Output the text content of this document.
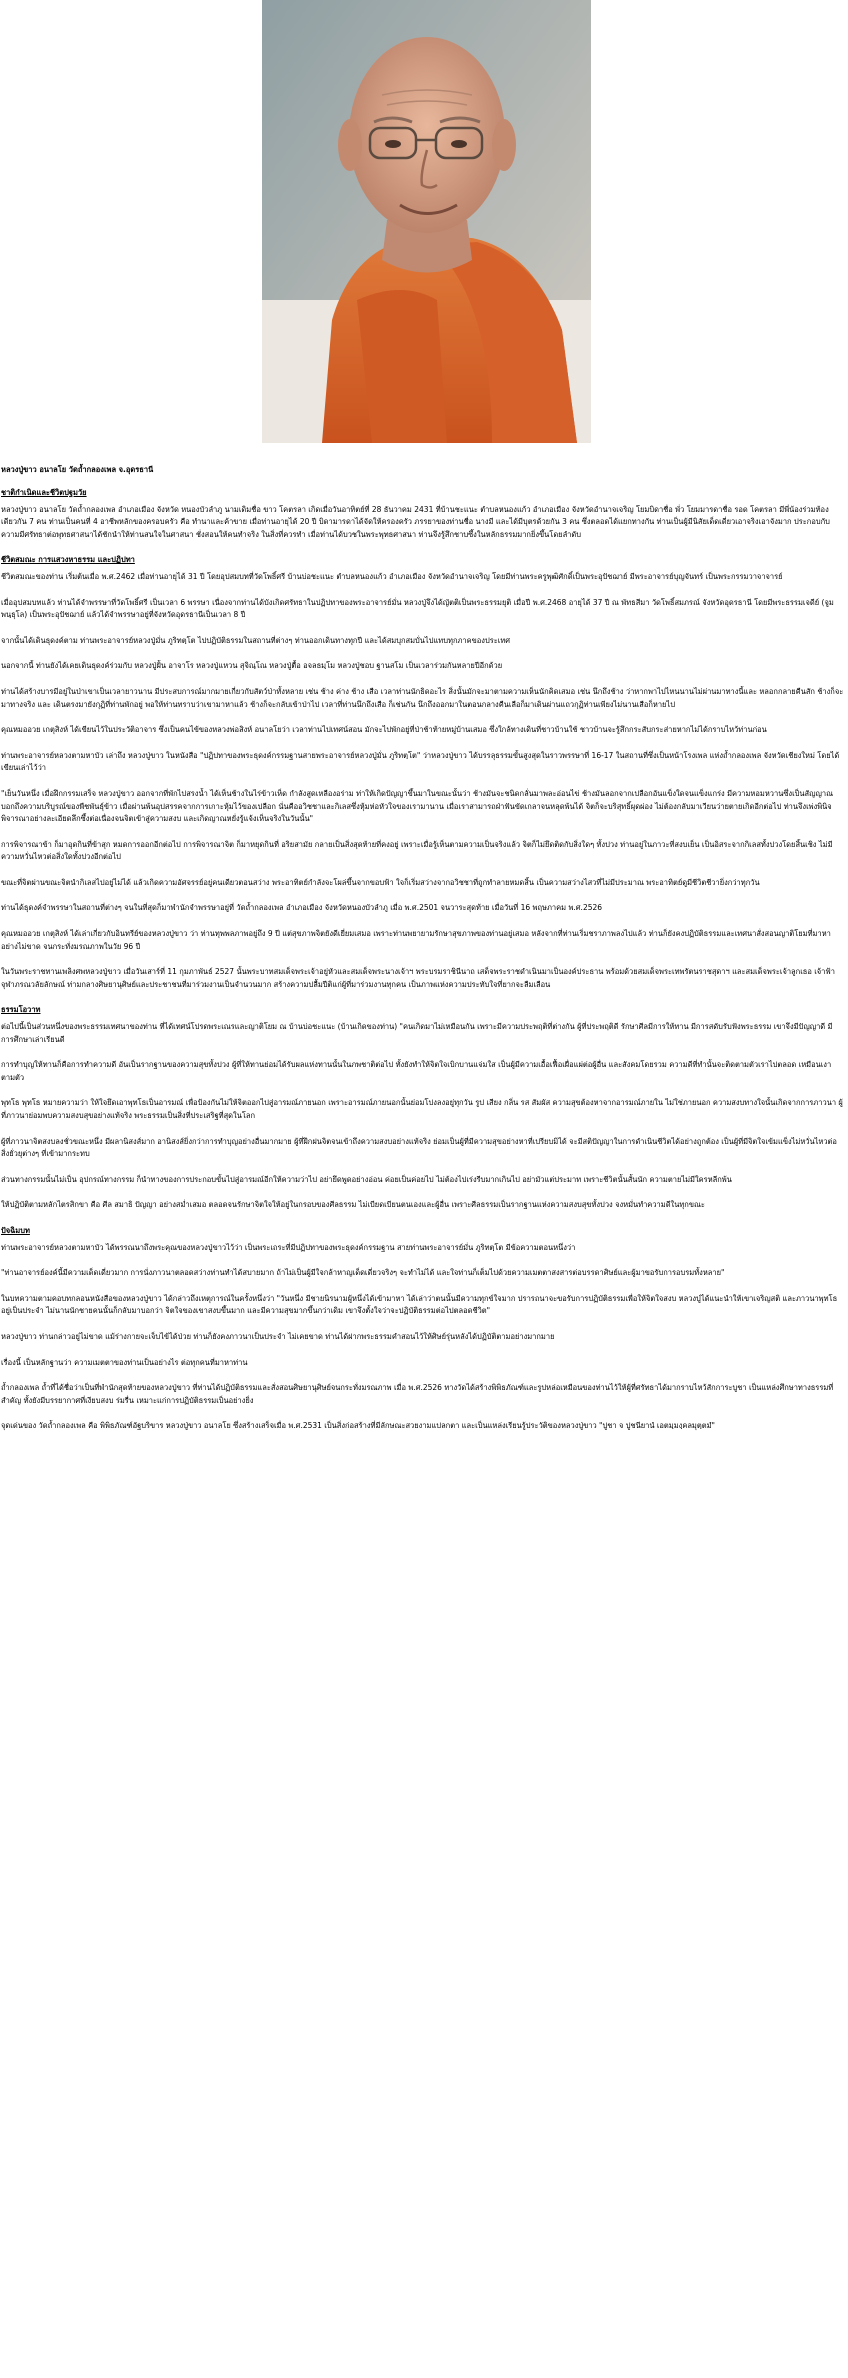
หลวงปู่ขาว อนาลโย วัดถ้ำกลองเพล จ.อุดรธานี
ชาติกำเนิดและชีวิตปฐมวัย

หลวงปู่ขาว อนาลโย วัดถ้ำกลองเพล อำเภอเมือง จังหวัด หนองบัวลำภู นามเดิมชื่อ ขาว โคตรลา เกิดเมื่อวันอาทิตย์ที่ 28 ธันวาคม 2431 ที่บ้านชะแนะ ตำบลหนองแก้ว อำเภอเมือง จังหวัดอำนาจเจริญ โยมบิดาชื่อ พั่ว โยมมารดาชื่อ รอด โคตรลา มีพี่น้องร่วมท้องเดียวกัน 7 คน ท่านเป็นคนที่ 4 อาชีพหลักของครอบครัว คือ ทำนาและค้าขาย เมื่อท่านอายุได้ 20 ปี บิดามารดาได้จัดให้ครองครัว ภรรยาของท่านชื่อ นางมี และได้มีบุตรด้วยกัน 3 คน ซึ่งตลอดได้แยกทางกัน ท่านเป็นผู้มีนิสัยเด็ดเดี่ยวเอาจริงเอาจังมาก ประกอบกับความมีศรัทธาต่อพุทธศาสนาได้ชักนำให้ท่านสนใจในศาสนา ชั่งสอนให้คนทำจริง ในสิ่งที่ควรทำ เมื่อท่านได้บวชในพระพุทธศาสนา ท่านจึงรู้สึกชาบซึ้งในหลักธรรมมากยิ่งขึ้นโดยลำดับ

ชีวิตสมณะ การแสวงหาธรรม และปฏิปทา

ชีวิตสมณะของท่าน เริ่มต้นเมื่อ พ.ศ.2462 เมื่อท่านอายุได้ 31 ปี โดยอุปสมบทที่วัดโพธิ์ศรี บ้านบ่อชะแนะ ตำบลหนองแก้ว อำเภอเมือง จังหวัดอำนาจเจริญ โดยมีท่านพระครูพุฒิศักดิ์เป็นพระอุปัชฌาย์ มีพระอาจารย์บุญจันทร์ เป็นพระกรรมวาจาจารย์

เมื่ออุปสมบทแล้ว ท่านได้จำพรรษาที่วัดโพธิ์ศรี เป็นเวลา 6 พรรษา เนื่องจากท่านได้บังเกิดศรัทธาในปฏิปทาของพระอาจารย์มั่น หลวงปู่จึงได้ญัตติเป็นพระธรรมยุติ เมื่อปี พ.ศ.2468 อายุได้ 37 ปี ณ พัทธสีมา วัดโพธิ์สมภรณ์ จังหวัดอุดรธานี โดยมีพระธรรมเจดีย์ (จูม พนฺธุโล) เป็นพระอุปัชฌาย์ แล้วได้จำพรรษาอยู่ที่จังหวัดอุดรธานีเป็นเวลา 8 ปี

จากนั้นได้เดินธุดงค์ตาม ท่านพระอาจารย์หลวงปู่มั่น ภูริทตฺโต ไปปฏิบัติธรรมในสถานที่ต่างๆ ท่านออกเดินทางทุกปี และได้สมบุกสมบั่นไปแทบทุกภาคของประเทศ

นอกจากนี้ ท่านยังได้เคยเดินธุดงค์ร่วมกับ หลวงปู่ฝั้น อาจาโร หลวงปู่แหวน สุจิณฺโณ หลวงปู่ตื้อ อจลธมฺโม หลวงปู่ชอบ ฐานสโม เป็นเวลาร่วมกันหลายปีอีกด้วย

ท่านได้สร้างบารมีอยู่ในป่าเขาเป็นเวลายาวนาน มีประสบการณ์มากมายเกี่ยวกับสัตว์ป่าทั้งหลาย เช่น ช้าง ค่าง ช้าง เสือ เวลาท่านนักธิดอะไร สิ่งนั้นมักจะมาตามความเห็นนักคิดเสมอ เช่น นึกถึงช้าง ว่าหากพาไปไหนนานไม่ผ่านมาทางนี้และ หลอกกลายคืนสัก ช้างก็จะมาทางจริง และ เดินตรงมายังกุฏิที่ท่านพักอยู่ พอให้ท่านทราบว่าเขามาหาแล้ว ช้างก็จะกลับเข้าป่าไป เวลาที่ท่านนึกถึงเสือ ก็เช่นกัน นึกถึงออกมาในตอนกลางคืนเลือก็มาเดินผ่านแถวกุฏิท่านเพียงไม่นานเสือก็หายไป

คุณหมออวย เกตุสิงห์ ได้เขียนไว้ในประวัติอาจาร ซึ่งเป็นคนไข้ของหลวงพ่อสิงห์ อนาลโยว่า เวลาท่านไปเทศน์สอน มักจะไปพักอยู่ที่ป่าช้าท้ายหมู่บ้านเสมอ ซึ่งใกล้ทางเดินที่ชาวบ้านใช้ ชาวบ้านจะรู้สึกกระสับกระส่ายหากไม่ได้กราบไหว้ท่านก่อน

ท่านพระอาจารย์หลวงตามหาบัว เล่าถึง หลวงปู่ขาว ในหนังสือ "ปฏิปทาของพระธุดงค์กรรมฐานสายพระอาจารย์หลวงปู่มั่น ภูริทตฺโต" ว่าหลวงปู่ขาว ได้บรรลุธรรมขั้นสูงสุดในราวพรรษาที่ 16-17 ในสถานที่ซึ่งเป็นหน้าโรงเพล แห่งถ้ำกลองเพล จังหวัดเชียงใหม่ โดยได้เขียนเล่าไว้ว่า

"เย็นวันหนึ่ง เมื่อฝึกกรรมเสร็จ หลวงปู่ขาว ออกจากที่พักไปสรงน้ำ ได้เห็นช้างในไร่ข้าวเห็ด กำลังสูดเหลืองอร่าม ท่าให้เกิดปัญญาขึ้นมาในขณะนั้นว่า ช้างมันจะชนิดกลั่นมาพละอ่อนไข่ ช้างมันลอกจากเปลือกอันแข็งใดจนแข็งแกร่ง มีความหอมหวานซึ่งเป็นสัญญาณบอกถึงความบริบูรณ์ของพืชพันธุ์ข้าว เมื่อผ่านพ้นอุปสรรคจากการเกาะหุ้มไว้ของเปลือก นั่นคืออวิชชาและกิเลสซึ่งหุ้มห่อหัวใจของเรามานาน เมื่อเราสามารถฝ่าฟันขัดเกลาจนหลุดพ้นได้ จิตก็จะบริสุทธิ์ผุดผ่อง ไม่ต้องกลับมาเวียนว่ายตายเกิดอีกต่อไป ท่านจึงเพ่งพินิจพิจารณาอย่างละเอียดลึกซึ้งต่อเนื่องจนจิตเข้าสู่ความสงบ และเกิดญาณหยั่งรู้แจ้งเห็นจริงในวันนั้น"

การพิจารณาข้า ก็มาอุดกินที่ข้าสุก หมดการออกอีกต่อไป การพิจารณาจิต ก็มาหยุดกินที่ อริยสามัย กลายเป็นสิ่งสุดท้ายที่คงอยู่ เพราะเมื่อรู้เห็นตามความเป็นจริงแล้ว จิตก็ไม่ยึดติดกับสิ่งใดๆ ทั้งปวง ท่านอยู่ในภาวะที่สงบเย็น เป็นอิสระจากกิเลสทั้งปวงโดยสิ้นเชิง ไม่มีความหวั่นไหวต่อสิ่งใดทั้งปวงอีกต่อไป

ขณะที่จิตผ่านขณะจิตนำกิเลสไปอยู่ไม่ได้ แล้วเกิดความอัศจรรย์อยู่คนเดียวตอนสว่าง พระอาทิตย์กำลังจะโผล่ขึ้นจากขอบฟ้า ใจก็เริ่มสว่างจากอวิชชาที่ถูกทำลายหมดสิ้น เป็นความสว่างไสวที่ไม่มีประมาณ พระอาทิตย์ดูมีชีวิตชีวายิ่งกว่าทุกวัน

ท่านได้ธุดงค์จำพรรษาในสถานที่ต่างๆ จนในที่สุดก็มาพำนักจำพรรษาอยู่ที่ วัดถ้ำกลองเพล อำเภอเมือง จังหวัดหนองบัวลำภู เมื่อ พ.ศ.2501 จนวาระสุดท้าย เมื่อวันที่ 16 พฤษภาคม พ.ศ.2526

คุณหมออวย เกตุสิงห์ ได้เล่าเกี่ยวกับอินทรีย์ของหลวงปู่ขาว ว่า ท่านทุพพลภาพอยู่ถึง 9 ปี แต่สุขภาพจิตยังดีเยี่ยมเสมอ เพราะท่านพยายามรักษาสุขภาพของท่านอยู่เสมอ หลังจากที่ท่านเริ่มชราภาพลงไปแล้ว ท่านก็ยังคงปฏิบัติธรรมและเทศนาสั่งสอนญาติโยมที่มาหาอย่างไม่ขาด จนกระทั่งมรณภาพในวัย 96 ปี

ในวันพระราชทานเพลิงศพหลวงปู่ขาว เมื่อวันเสาร์ที่ 11 กุมภาพันธ์ 2527 นั้นพระบาทสมเด็จพระเจ้าอยู่หัวและสมเด็จพระนางเจ้าฯ พระบรมราชินีนาถ เสด็จพระราชดำเนินมาเป็นองค์ประธาน พร้อมด้วยสมเด็จพระเทพรัตนราชสุดาฯ และสมเด็จพระเจ้าลูกเธอ เจ้าฟ้าจุฬาภรณวลัยลักษณ์ ท่ามกลางศิษยานุศิษย์และประชาชนที่มาร่วมงานเป็นจำนวนมาก สร้างความปลื้มปีติแก่ผู้ที่มาร่วมงานทุกคน เป็นภาพแห่งความประทับใจที่ยากจะลืมเลือน

ธรรมโอวาท

ต่อไปนี้เป็นส่วนหนึ่งของพระธรรมเทศนาของท่าน ที่ได้เทศน์โปรดพระเณรและญาติโยม ณ บ้านบ่อชะแนะ (บ้านเกิดของท่าน) "คนเกิดมาไม่เหมือนกัน เพราะมีความประพฤติที่ต่างกัน ผู้ที่ประพฤติดี รักษาศีลมีการให้ทาน มีการสดับรับฟังพระธรรม เขาจึงมีปัญญาดี มีการศึกษาเล่าเรียนดี

การทำบุญให้ทานก็คือการทำความดี อันเป็นรากฐานของความสุขทั้งปวง ผู้ที่ให้ทานย่อมได้รับผลแห่งทานนั้นในภพชาติต่อไป ทั้งยังทำให้จิตใจเบิกบานแจ่มใส เป็นผู้มีความเอื้อเฟื้อเผื่อแผ่ต่อผู้อื่น และสังคมโดยรวม ความดีที่ทำนั้นจะติดตามตัวเราไปตลอด เหมือนเงาตามตัว

พุทโธ พุทโธ หมายความว่า ให้ใจยึดเอาพุทโธเป็นอารมณ์ เพื่อป้องกันไม่ให้จิตออกไปสู่อารมณ์ภายนอก เพราะอารมณ์ภายนอกนั้นย่อมโปงลงอยู่ทุกวัน รูป เสียง กลิ่น รส สัมผัส ความสุขต้องหาจากอารมณ์ภายใน ไม่ใช่ภายนอก ความสงบทางใจนั้นเกิดจากการภาวนา ผู้ที่ภาวนาย่อมพบความสงบสุขอย่างแท้จริง พระธรรมเป็นสิ่งที่ประเสริฐที่สุดในโลก

ผู้ที่ภาวนาจิตสงบลงชั่วขณะหนึ่ง มีผลานิสงส์มาก อานิสงส์ยิ่งกว่าการทำบุญอย่างอื่นมากมาย ผู้ที่ฝึกฝนจิตจนเข้าถึงความสงบอย่างแท้จริง ย่อมเป็นผู้ที่มีความสุขอย่างหาที่เปรียบมิได้ จะมีสติปัญญาในการดำเนินชีวิตได้อย่างถูกต้อง เป็นผู้ที่มีจิตใจเข้มแข็งไม่หวั่นไหวต่อสิ่งยั่วยุต่างๆ ที่เข้ามากระทบ

ส่วนทางกรรมนั้นไม่เป็น อุปกรณ์ทางกรรม ก็นำทางของการประกอบขั้นไปสู่อารมณ์อีกให้ความว่าไป อย่ายึดพูดอย่างอ่อน ค่อยเป็นค่อยไป ไม่ต้องไปเร่งรีบมากเกินไป อย่ามัวแต่ประมาท เพราะชีวิตนั้นสั้นนัก ความตายไม่มีใครหลีกพ้น

ให้ปฏิบัติตามหลักไตรสิกขา คือ ศีล สมาธิ ปัญญา อย่างสม่ำเสมอ ตลอดจนรักษาจิตใจให้อยู่ในกรอบของศีลธรรม ไม่เบียดเบียนตนเองและผู้อื่น เพราะศีลธรรมเป็นรากฐานแห่งความสงบสุขทั้งปวง จงหมั่นทำความดีในทุกขณะ

ปัจฉิมบท

ท่านพระอาจารย์หลวงตามหาบัว ได้พรรณนาถึงพระคุณของหลวงปู่ขาวไว้ว่า เป็นพระเถระที่มีปฏิปทาของพระธุดงค์กรรมฐาน สายท่านพระอาจารย์มั่น ภูริทตฺโต มีข้อความตอนหนึ่งว่า

"ท่านอาจารย์องค์นี้มีความเด็ดเดี่ยวมาก การนั่งภาวนาตลอดสว่างท่านทำได้สบายมาก ถ้าไม่เป็นผู้มีใจกล้าหาญเด็ดเดี่ยวจริงๆ จะทำไม่ได้ และใจท่านก็เต็มไปด้วยความเมตตาสงสารต่อบรรดาศิษย์และผู้มาขอรับการอบรมทั้งหลาย"

ในบทความตามคอบทกลอนหนังสือของหลวงปู่ขาว ได้กล่าวถึงเหตุการณ์ในครั้งหนึ่งว่า "วันหนึ่ง มีชายนิรนามผู้หนึ่งได้เข้ามาหา ได้เล่าว่าตนนั้นมีความทุกข์ใจมาก ปรารถนาจะขอรับการปฏิบัติธรรมเพื่อให้จิตใจสงบ หลวงปู่ได้แนะนำให้เขาเจริญสติ และภาวนาพุทโธ อยู่เป็นประจำ ไม่นานนักชายคนนั้นก็กลับมาบอกว่า จิตใจของเขาสงบขึ้นมาก และมีความสุขมากขึ้นกว่าเดิม เขาจึงตั้งใจว่าจะปฏิบัติธรรมต่อไปตลอดชีวิต"

หลวงปู่ขาว ท่านกล่าวอยู่ไม่ขาด แม้ร่างกายจะเจ็บไข้ได้ป่วย ท่านก็ยังคงภาวนาเป็นประจำ ไม่เคยขาด ท่านได้ฝากพระธรรมคำสอนไว้ให้ศิษย์รุ่นหลังได้ปฏิบัติตามอย่างมากมาย

เรื่องนี้ เป็นหลักฐานว่า ความเมตตาของท่านเป็นอย่างไร ต่อทุกคนที่มาหาท่าน

ถ้ำกลองเพล ถ้ำที่ได้ชื่อว่าเป็นที่พำนักสุดท้ายของหลวงปู่ขาว ที่ท่านได้ปฏิบัติธรรมและสั่งสอนศิษยานุศิษย์จนกระทั่งมรณภาพ เมื่อ พ.ศ.2526 ทางวัดได้สร้างพิพิธภัณฑ์และรูปหล่อเหมือนของท่านไว้ให้ผู้ที่ศรัทธาได้มากราบไหว้สักการะบูชา เป็นแหล่งศึกษาทางธรรมที่สำคัญ ทั้งยังมีบรรยากาศที่เงียบสงบ ร่มรื่น เหมาะแก่การปฏิบัติธรรมเป็นอย่างยิ่ง

จุดเด่นของ วัดถ้ำกลองเพล คือ พิพิธภัณฑ์อัฐบริขาร หลวงปู่ขาว อนาลโย ซึ่งสร้างเสร็จเมื่อ พ.ศ.2531 เป็นสิ่งก่อสร้างที่มีลักษณะสวยงามแปลกตา และเป็นแหล่งเรียนรู้ประวัติของหลวงปู่ขาว "ปูชา จ ปูชนียานํ เอตมฺมงฺคลมุตฺตมํ"
